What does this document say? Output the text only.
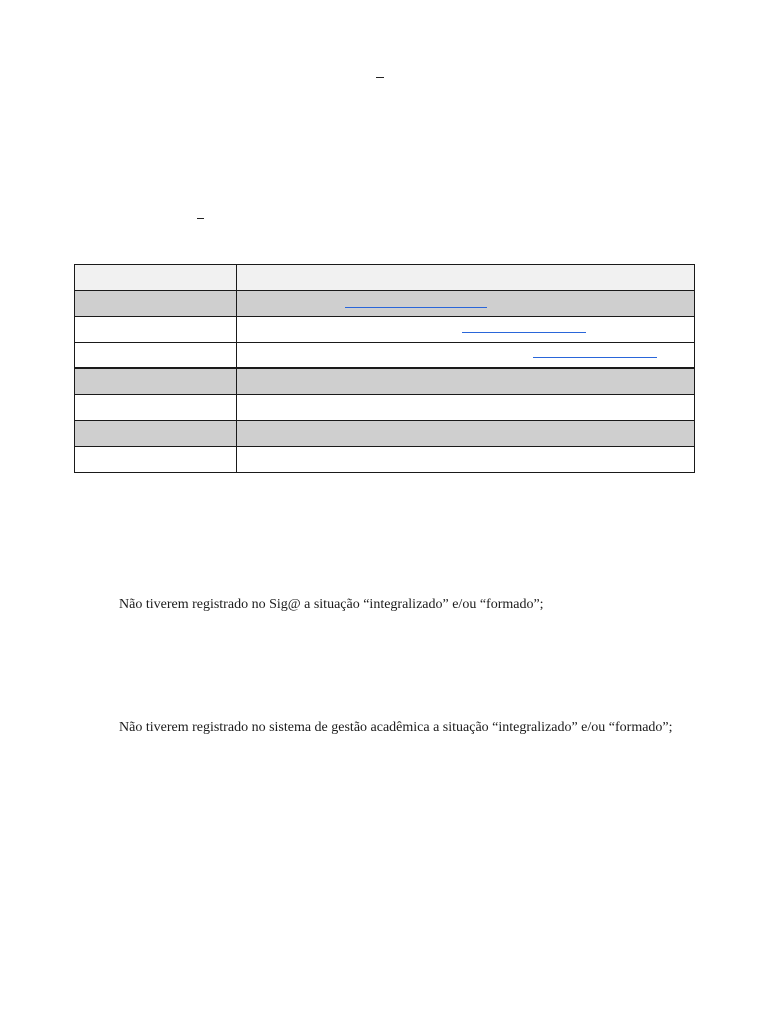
Não tiverem registrado no Sig@ a situação “integralizado” e/ou “formado”;
Não tiverem registrado no sistema de gestão acadêmica a situação “integralizado” e/ou “formado”;
